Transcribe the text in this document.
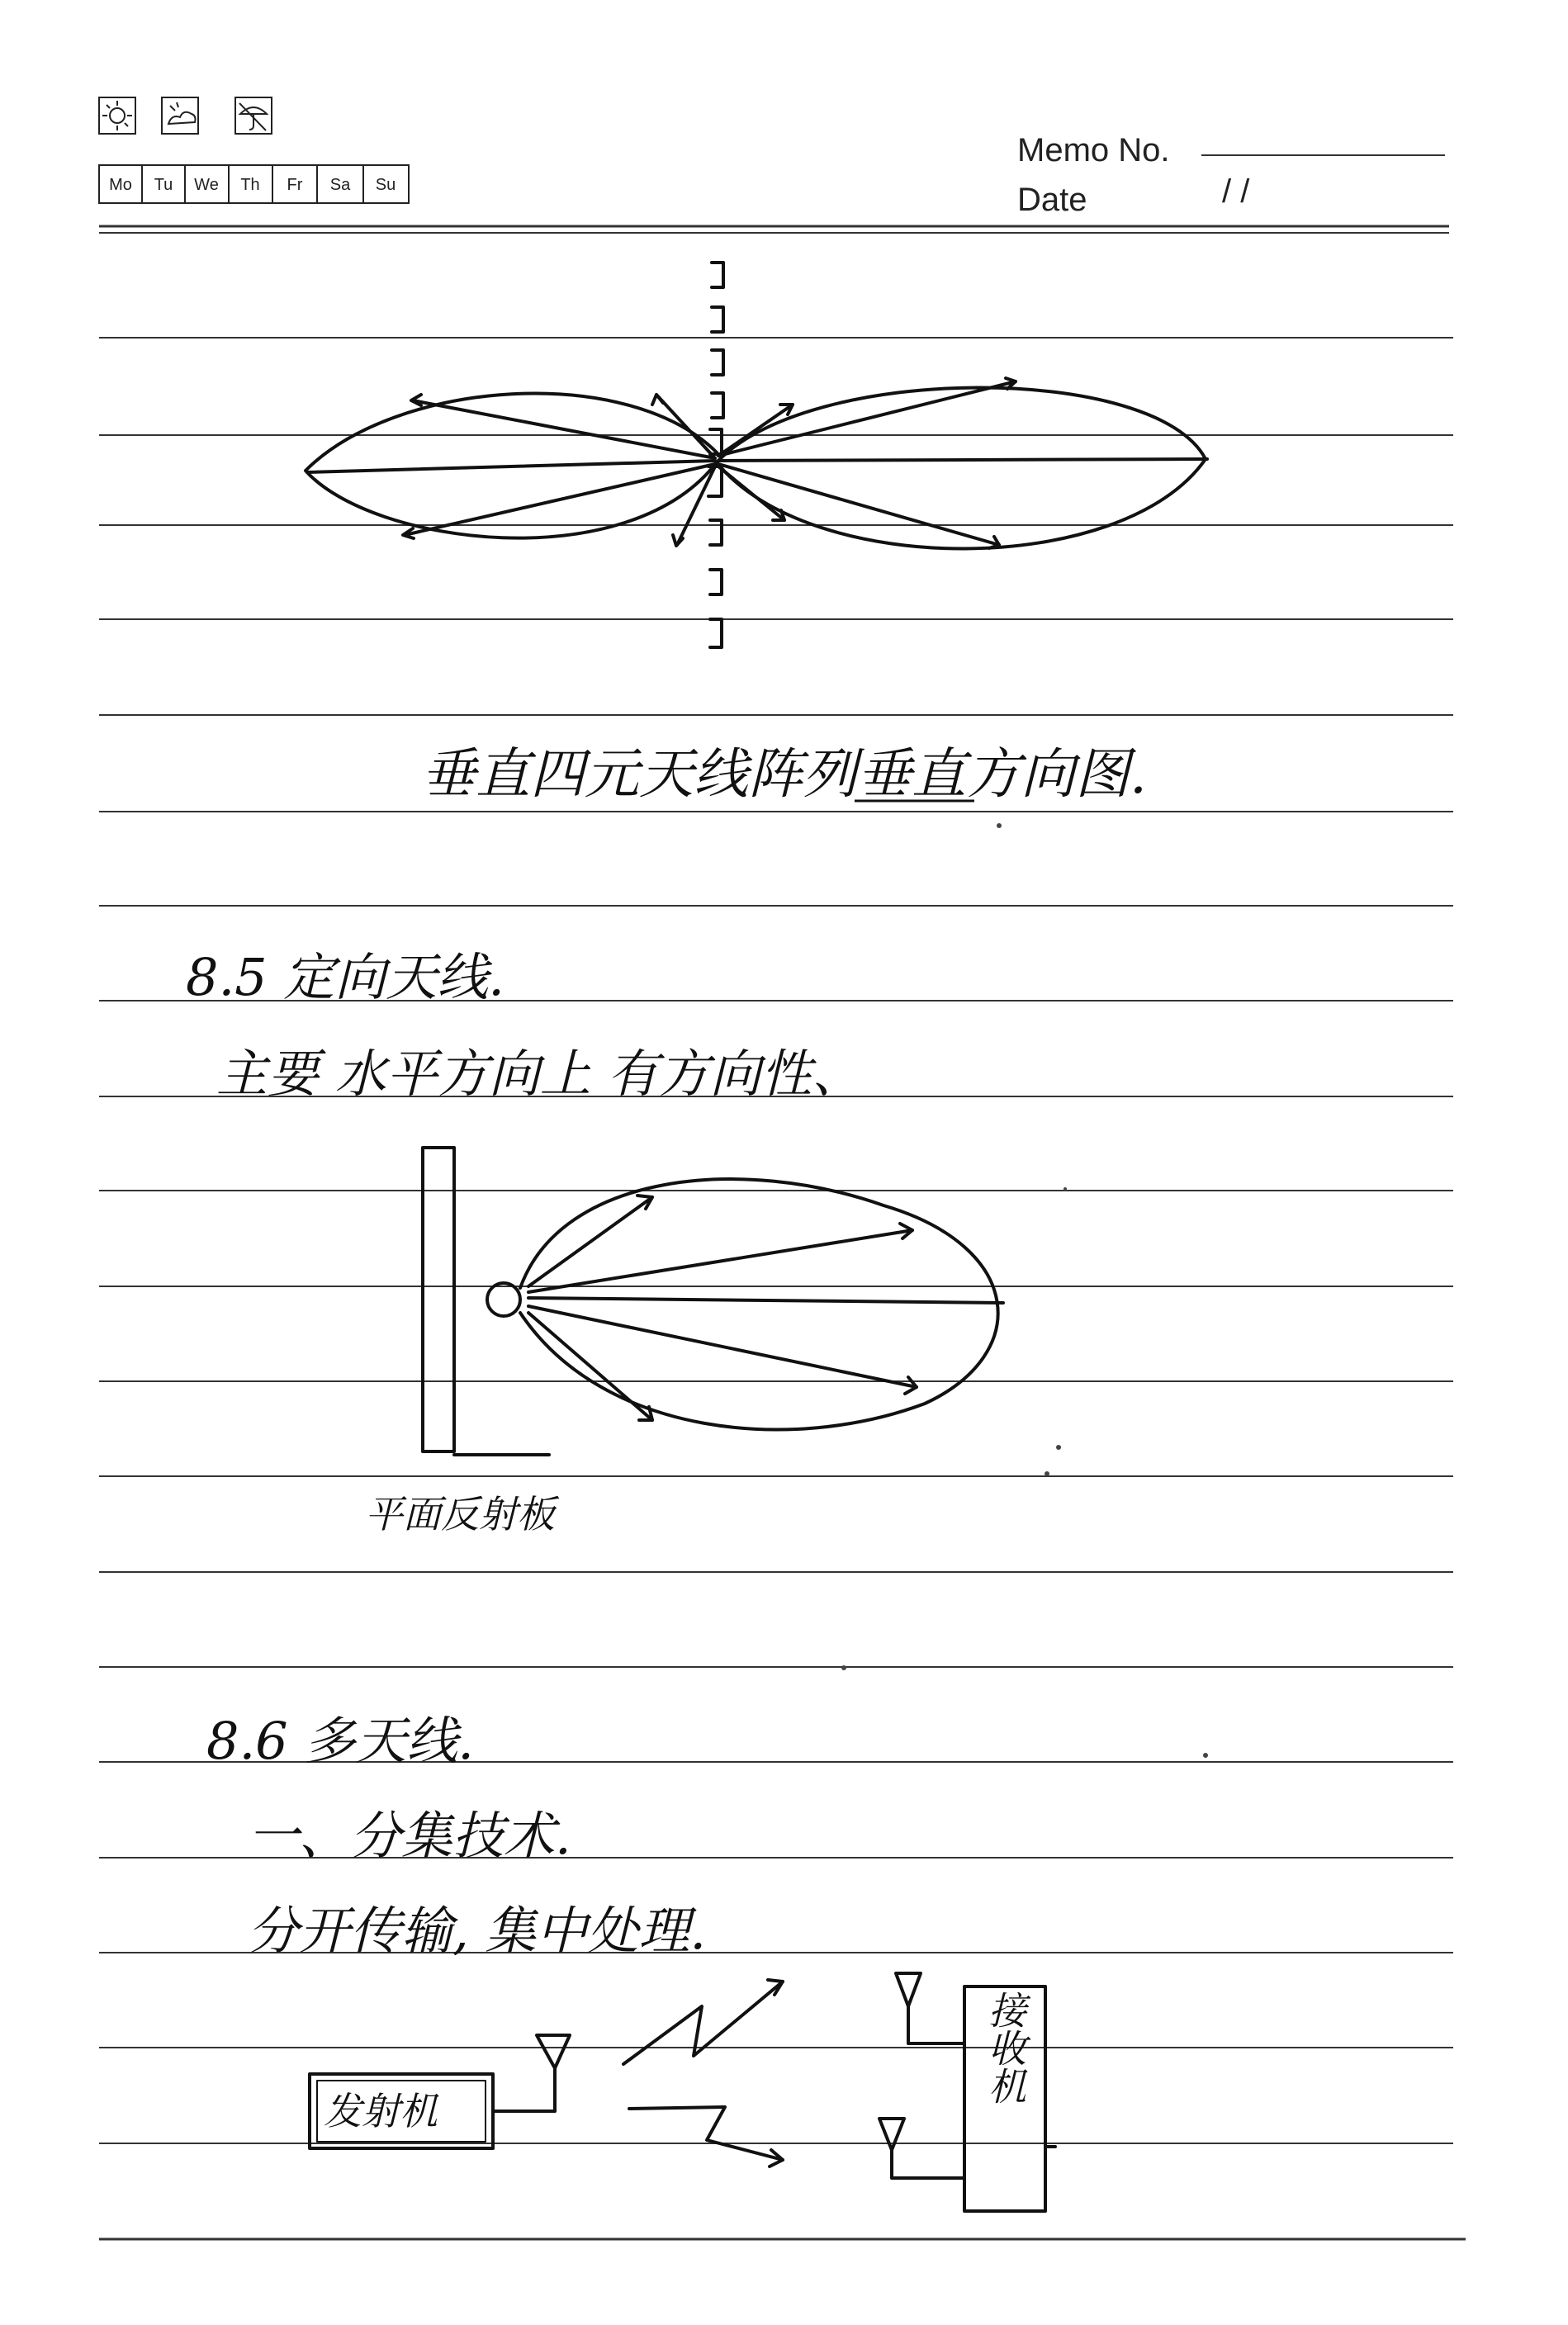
Mo Tu We Th Fr Sa Su
Memo No.
Date	/ /
垂直四元天线阵列垂直方向图.
8.5 定向天线.
主要 水平方向上 有方向性、
平面反射板
8.6 多天线.
一、分集技术.
分开传输, 集中处理.
发射机
接收机
